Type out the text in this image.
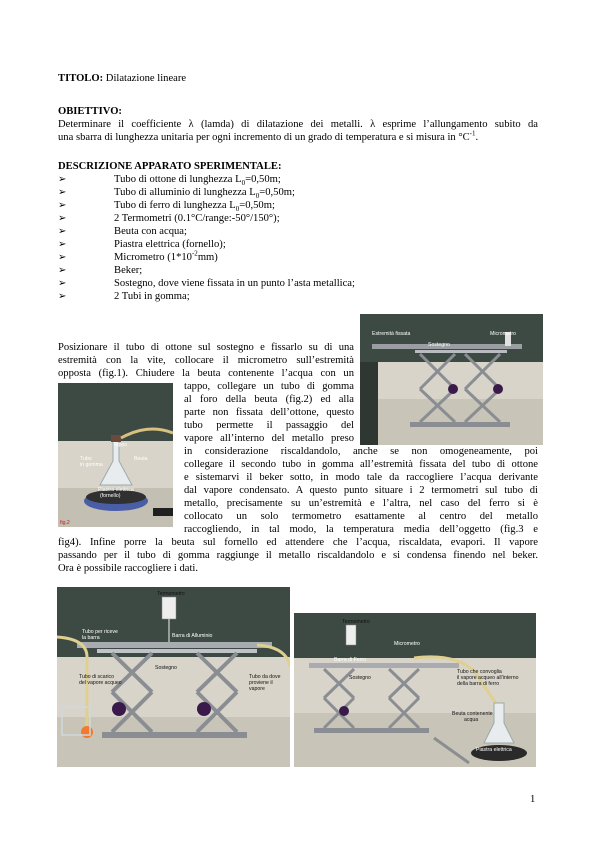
TITOLO: Dilatazione lineare
OBIETTIVO:
Determinare il coefficiente λ (lamda) di dilatazione dei metalli. λ esprime l’allungamento subito da
una sbarra di lunghezza unitaria per ogni incremento di un grado di temperatura e si misura in $^\circ C^{-1}$.
DESCRIZIONE APPARATO SPERIMENTALE:
➢	Tubo di ottone di lunghezza $L_0=0,50m$;
➢	Tubo di alluminio di lunghezza $L_0=0,50m$;
➢	Tubo di ferro di lunghezza $L_0=0,50m$;
➢	2 Termometri (0.1°C/range:-50°/150°);
➢	Beuta con acqua;
➢	Piastra elettrica (fornello);
➢	Micrometro $(1*10^{-2}mm)$
➢	Beker;
➢	Sostegno, dove viene fissata in un punto l’asta metallica;
➢	2 Tubi in gomma;
Posizionare il tubo di ottone sul sostegno e fissarlo su di una
estremità con la vite, collocare il micrometro sull’estremità
opposta (fig.1). Chiudere la beuta contenente l’acqua con un
tappo, collegare un tubo di gomma
al foro della beuta (fig.2) ed alla
parte non fissata dell’ottone, questo
tubo permette il passaggio del
vapore all’interno del metallo preso
in considerazione riscaldandolo, anche se non omogeneamente, poi
collegare il secondo tubo in gomma all’estremità fissata del tubo di ottone
e sistemarvi il beker sotto, in modo tale da raccogliere l’acqua derivante
dal vapore condensato. A questo punto situare i 2 termometri sul tubo di
metallo, precisamente su un’estremità e l’altra, nel caso del ferro si è
collocato un solo termometro esattamente al centro del metallo
raccogliendo, in tal modo, la temperatura media dell’oggetto (fig.3 e
fig4). Infine porre la beuta sul fornello ed attendere che l’acqua, riscaldata, evapori. Il vapore
passando per il tubo di gomma raggiunge il metallo riscaldandolo e si condensa finendo nel beker.
Ora è possibile raccogliere i dati.
Estremità fissata	Micrometro
Sostegno
Tappo
Tubo
in gomma
Beuta
Piastra elettrica
(fornello)
fig.2
Termometro
Tubo per riceve
la barra	Barra di Alluminio
Tubo di scarico
del vapore acqueo
Sostegno
Tubo da dove
proviene il
vapore
Termometro
Micrometro
Barra di Ferro
Sostegno
Tubo che convoglia
il vapore acqueo all'interno
della barra di ferro
Beuta contenente
acqua
Piastra elettrica
1
